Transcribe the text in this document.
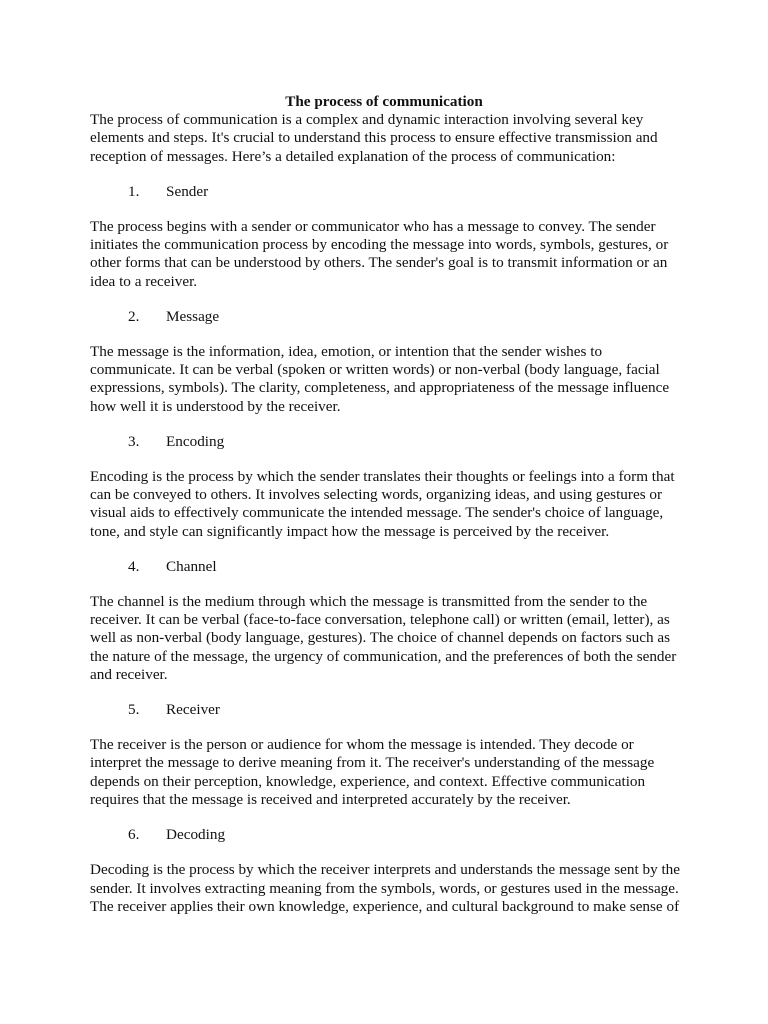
The process of communication

The process of communication is a complex and dynamic interaction involving several key
elements and steps. It's crucial to understand this process to ensure effective transmission and
reception of messages. Here’s a detailed explanation of the process of communication:
1. Sender
The process begins with a sender or communicator who has a message to convey. The sender
initiates the communication process by encoding the message into words, symbols, gestures, or
other forms that can be understood by others. The sender's goal is to transmit information or an
idea to a receiver.
2. Message
The message is the information, idea, emotion, or intention that the sender wishes to
communicate. It can be verbal (spoken or written words) or non-verbal (body language, facial
expressions, symbols). The clarity, completeness, and appropriateness of the message influence
how well it is understood by the receiver.
3. Encoding
Encoding is the process by which the sender translates their thoughts or feelings into a form that
can be conveyed to others. It involves selecting words, organizing ideas, and using gestures or
visual aids to effectively communicate the intended message. The sender's choice of language,
tone, and style can significantly impact how the message is perceived by the receiver.
4. Channel
The channel is the medium through which the message is transmitted from the sender to the
receiver. It can be verbal (face-to-face conversation, telephone call) or written (email, letter), as
well as non-verbal (body language, gestures). The choice of channel depends on factors such as
the nature of the message, the urgency of communication, and the preferences of both the sender
and receiver.
5. Receiver
The receiver is the person or audience for whom the message is intended. They decode or
interpret the message to derive meaning from it. The receiver's understanding of the message
depends on their perception, knowledge, experience, and context. Effective communication
requires that the message is received and interpreted accurately by the receiver.
6. Decoding
Decoding is the process by which the receiver interprets and understands the message sent by the
sender. It involves extracting meaning from the symbols, words, or gestures used in the message.
The receiver applies their own knowledge, experience, and cultural background to make sense of
